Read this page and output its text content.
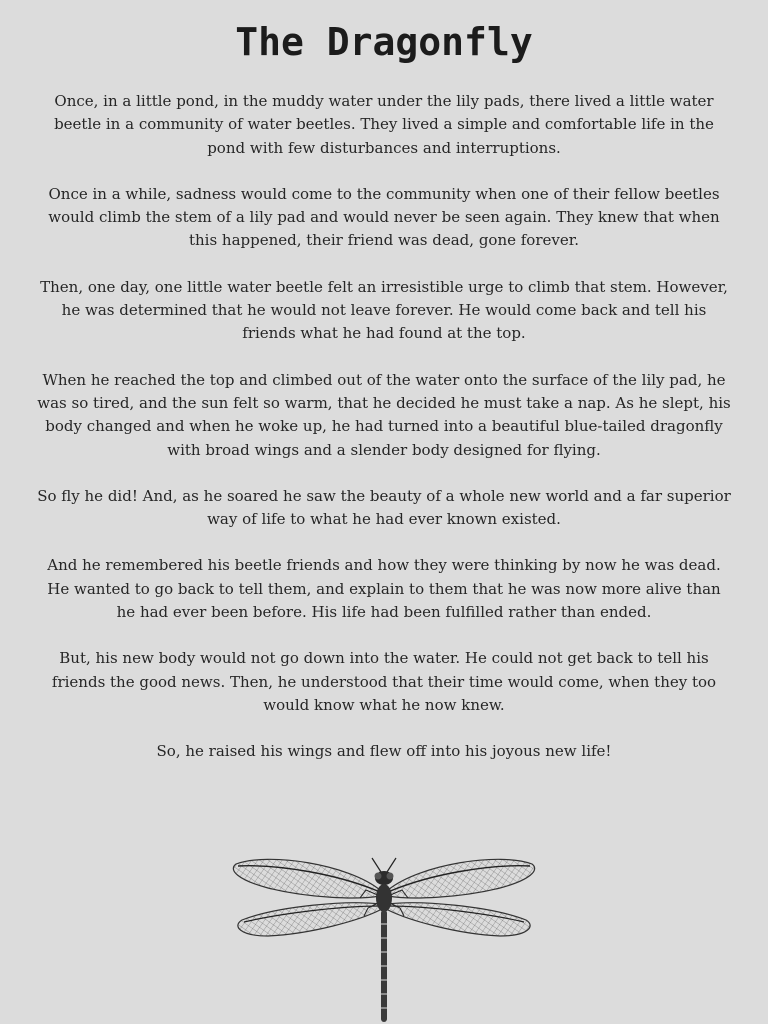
The Dragonfly

Once, in a little pond, in the muddy water under the lily pads, there lived a little water beetle in a community of water beetles. They lived a simple and comfortable life in the pond with few disturbances and interruptions.

Once in a while, sadness would come to the community when one of their fellow beetles would climb the stem of a lily pad and would never be seen again. They knew that when this happened, their friend was dead, gone forever.

Then, one day, one little water beetle felt an irresistible urge to climb that stem. However, he was determined that he would not leave forever. He would come back and tell his friends what he had found at the top.

When he reached the top and climbed out of the water onto the surface of the lily pad, he was so tired, and the sun felt so warm, that he decided he must take a nap. As he slept, his body changed and when he woke up, he had turned into a beautiful blue-tailed dragonfly with broad wings and a slender body designed for flying.

So fly he did! And, as he soared he saw the beauty of a whole new world and a far superior way of life to what he had ever known existed.

And he remembered his beetle friends and how they were thinking by now he was dead. He wanted to go back to tell them, and explain to them that he was now more alive than he had ever been before. His life had been fulfilled rather than ended.

But, his new body would not go down into the water. He could not get back to tell his friends the good news. Then, he understood that their time would come, when they too would know what he now knew.

So, he raised his wings and flew off into his joyous new life!
